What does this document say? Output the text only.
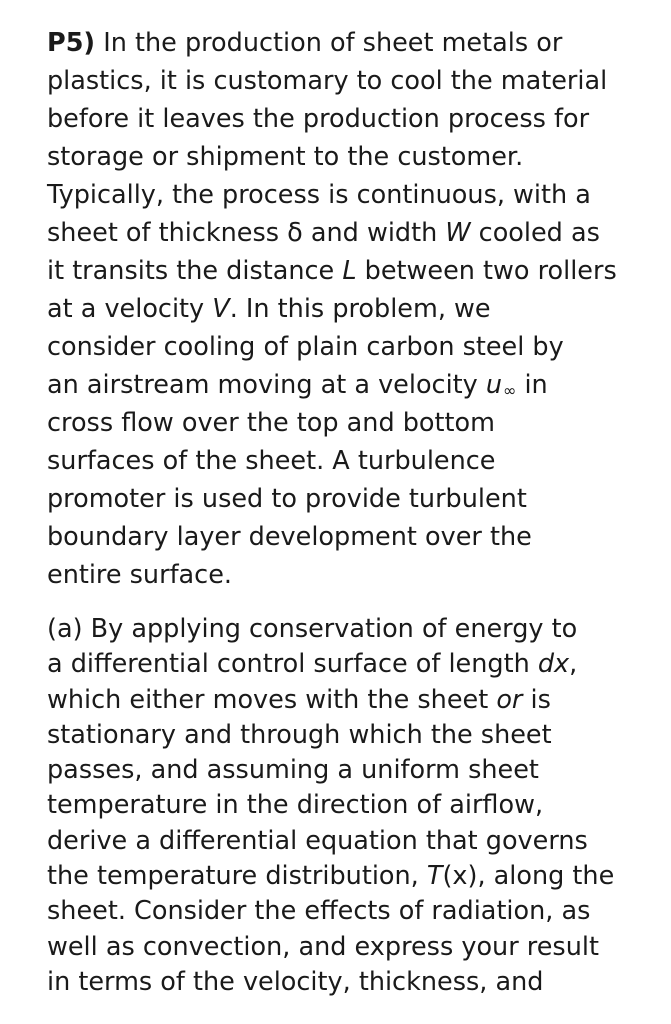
P5) In the production of sheet metals or
plastics, it is customary to cool the material
before it leaves the production process for
storage or shipment to the customer.
Typically, the process is continuous, with a
sheet of thickness δ and width W cooled as
it transits the distance L between two rollers
at a velocity V. In this problem, we
consider cooling of plain carbon steel by
an airstream moving at a velocity u∞ in
cross flow over the top and bottom
surfaces of the sheet. A turbulence
promoter is used to provide turbulent
boundary layer development over the
entire surface.
(a) By applying conservation of energy to
a differential control surface of length dx,
which either moves with the sheet or is
stationary and through which the sheet
passes, and assuming a uniform sheet
temperature in the direction of airflow,
derive a differential equation that governs
the temperature distribution, T(x), along the
sheet. Consider the effects of radiation, as
well as convection, and express your result
in terms of the velocity, thickness, and
